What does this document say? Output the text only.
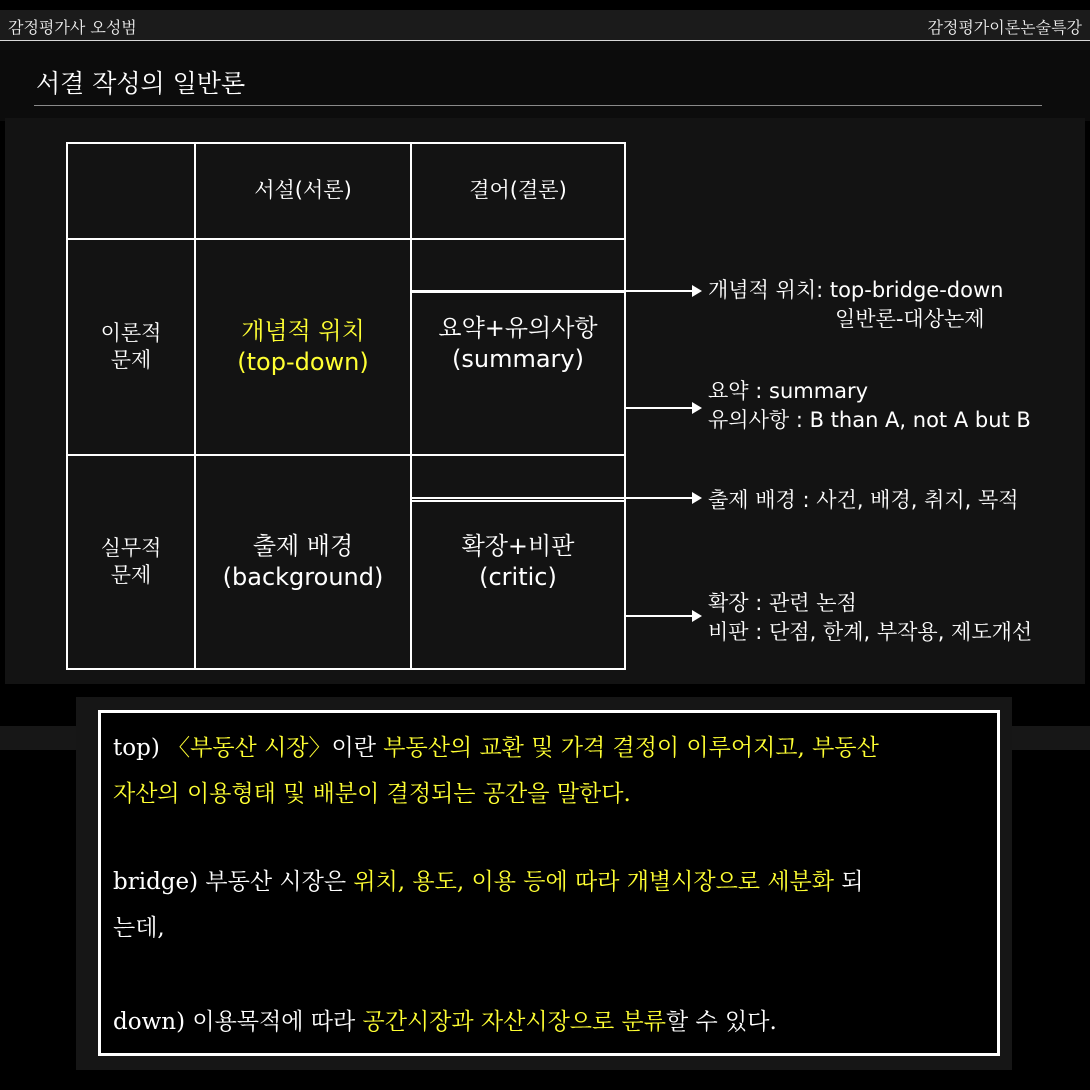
감정평가사 오성범	감정평가이론논술특강
서결 작성의 일반론
서설(서론)	결어(결론)
이론적
문제
개념적 위치
(top-down)
요약+유의사항
(summary)
실무적
문제
출제 배경
(background)
확장+비판
(critic)
개념적 위치: top-bridge-down
일반론-대상논제
요약 : summary
유의사항 : B than A, not A but B
출제 배경 : 사건, 배경, 취지, 목적
확장 : 관련 논점
비판 : 단점, 한계, 부작용, 제도개선
top) 〈부동산 시장〉이란 부동산의 교환 및 가격 결정이 이루어지고, 부동산
자산의 이용형태 및 배분이 결정되는 공간을 말한다.
bridge) 부동산 시장은 위치, 용도, 이용 등에 따라 개별시장으로 세분화 되
는데,
down) 이용목적에 따라 공간시장과 자산시장으로 분류할 수 있다.
